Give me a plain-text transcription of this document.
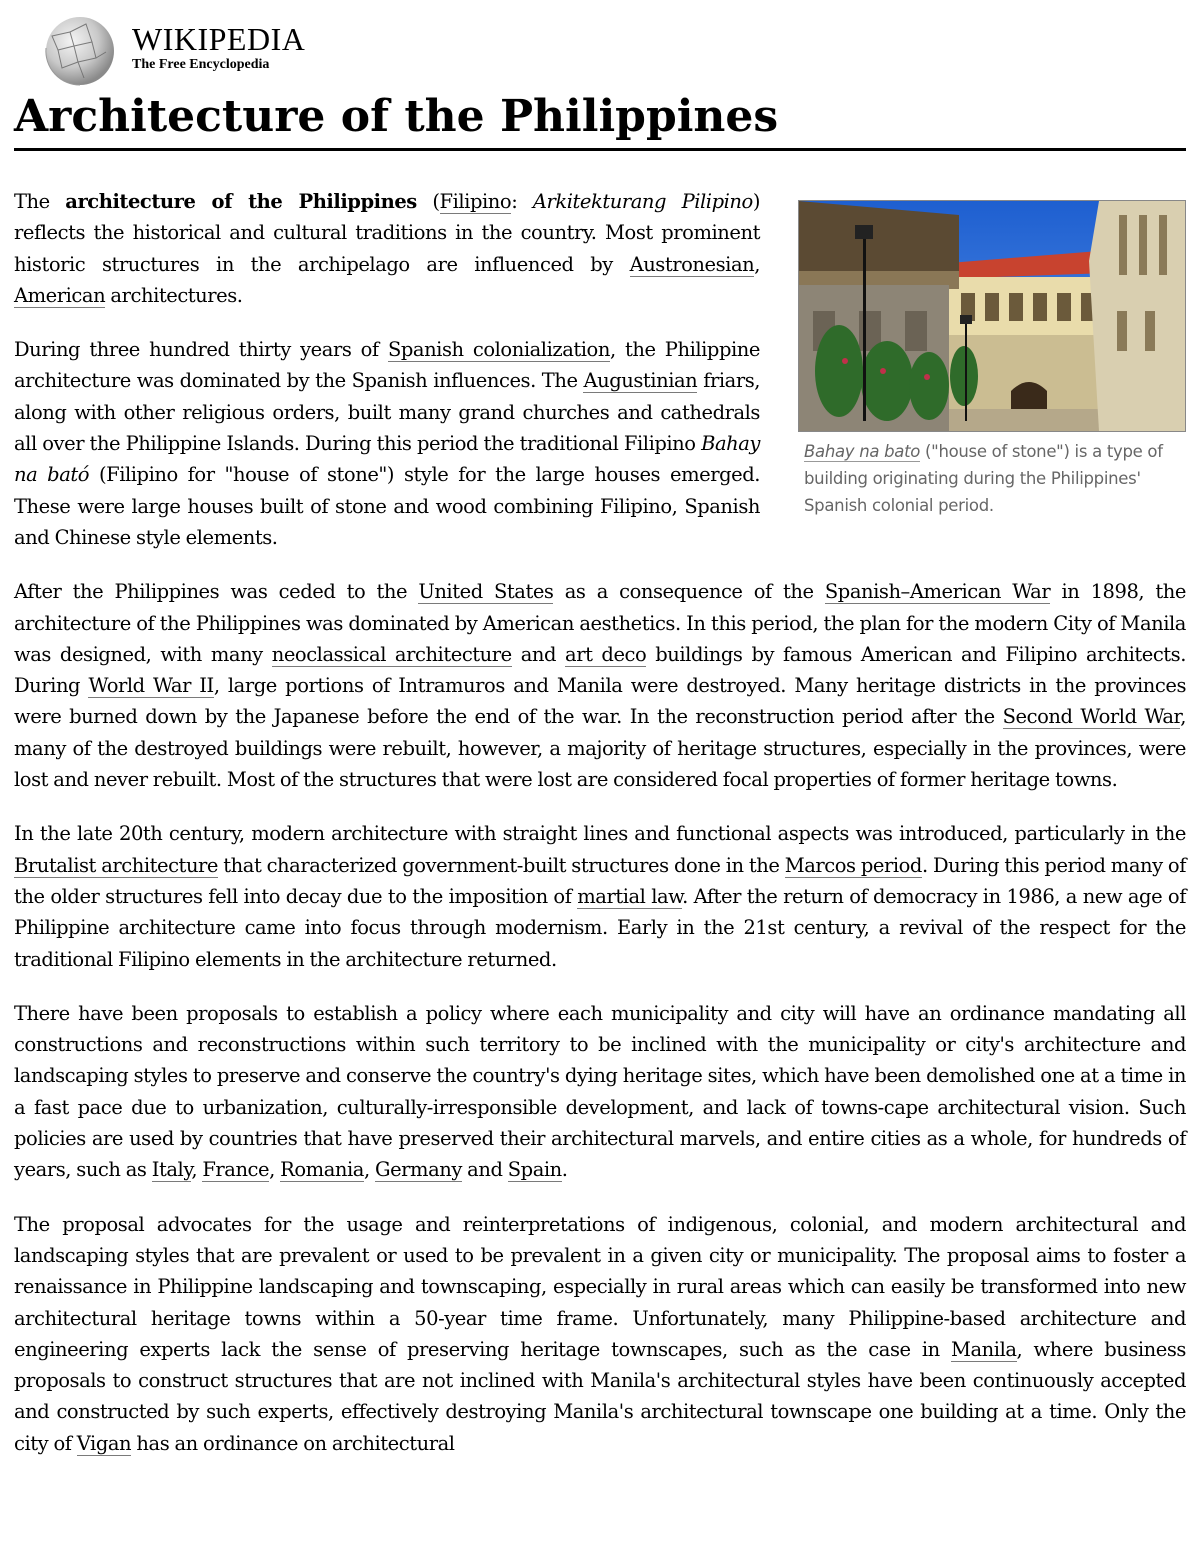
WIKIPEDIA
The Free Encyclopedia
Architecture of the Philippines
Bahay na bato ("house of stone") is a type of building originating during the Philippines' Spanish colonial period.

The architecture of the Philippines (Filipino: Arkitekturang Pilipino) reflects the historical and cultural traditions in the country. Most prominent historic structures in the archipelago are influenced by Austronesian, American architectures.

During three hundred thirty years of Spanish colonialization, the Philippine architecture was dominated by the Spanish influences. The Augustinian friars, along with other religious orders, built many grand churches and cathedrals all over the Philippine Islands. During this period the traditional Filipino Bahay na bató (Filipino for "house of stone") style for the large houses emerged. These were large houses built of stone and wood combining Filipino, Spanish and Chinese style elements.

After the Philippines was ceded to the United States as a consequence of the Spanish–American War in 1898, the architecture of the Philippines was dominated by American aesthetics. In this period, the plan for the modern City of Manila was designed, with many neoclassical architecture and art deco buildings by famous American and Filipino architects. During World War II, large portions of Intramuros and Manila were destroyed. Many heritage districts in the provinces were burned down by the Japanese before the end of the war. In the reconstruction period after the Second World War, many of the destroyed buildings were rebuilt, however, a majority of heritage structures, especially in the provinces, were lost and never rebuilt. Most of the structures that were lost are considered focal properties of former heritage towns.

In the late 20th century, modern architecture with straight lines and functional aspects was introduced, particularly in the Brutalist architecture that characterized government-built structures done in the Marcos period. During this period many of the older structures fell into decay due to the imposition of martial law. After the return of democracy in 1986, a new age of Philippine architecture came into focus through modernism. Early in the 21st century, a revival of the respect for the traditional Filipino elements in the architecture returned.

There have been proposals to establish a policy where each municipality and city will have an ordinance mandating all constructions and reconstructions within such territory to be inclined with the municipality or city's architecture and landscaping styles to preserve and conserve the country's dying heritage sites, which have been demolished one at a time in a fast pace due to urbanization, culturally-irresponsible development, and lack of towns-cape architectural vision. Such policies are used by countries that have preserved their architectural marvels, and entire cities as a whole, for hundreds of years, such as Italy, France, Romania, Germany and Spain.

The proposal advocates for the usage and reinterpretations of indigenous, colonial, and modern architectural and landscaping styles that are prevalent or used to be prevalent in a given city or municipality. The proposal aims to foster a renaissance in Philippine landscaping and townscaping, especially in rural areas which can easily be transformed into new architectural heritage towns within a 50-year time frame. Unfortunately, many Philippine-based architecture and engineering experts lack the sense of preserving heritage townscapes, such as the case in Manila, where business proposals to construct structures that are not inclined with Manila's architectural styles have been continuously accepted and constructed by such experts, effectively destroying Manila's architectural townscape one building at a time. Only the city of Vigan has an ordinance on architectural
